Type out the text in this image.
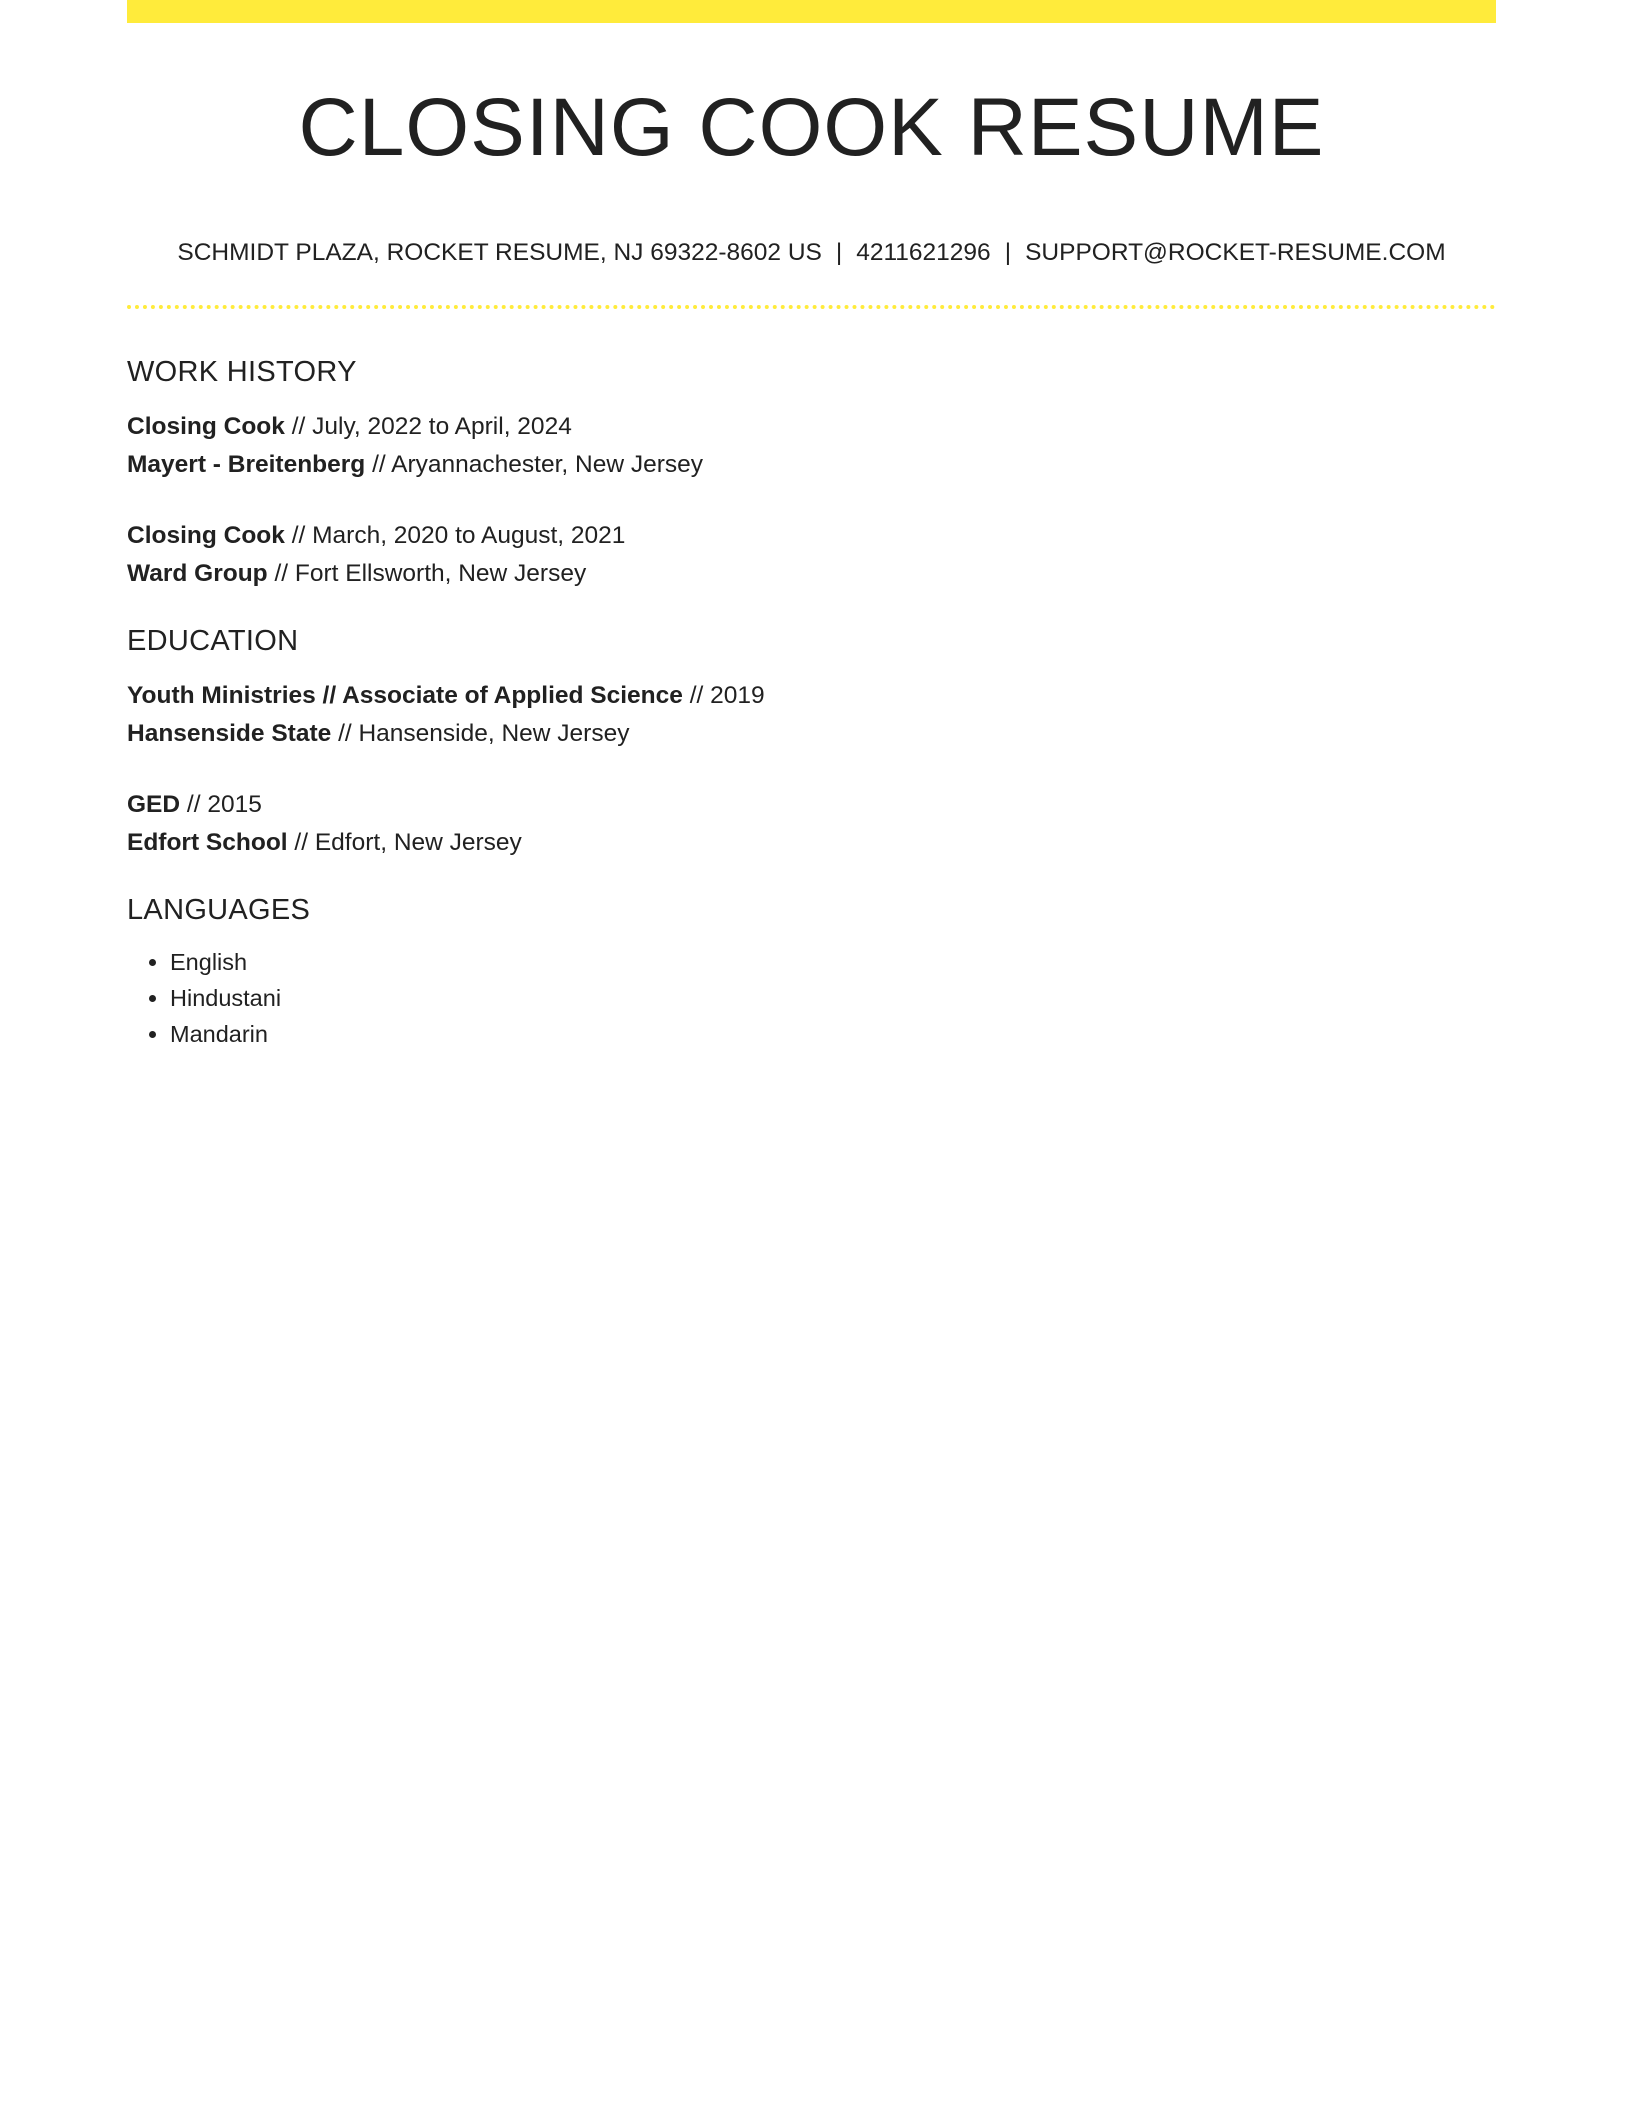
CLOSING COOK RESUME
SCHMIDT PLAZA, ROCKET RESUME, NJ 69322-8602 US | 4211621296 | SUPPORT@ROCKET-RESUME.COM
WORK HISTORY
Closing Cook // July, 2022 to April, 2024
Mayert - Breitenberg // Aryannachester, New Jersey
Closing Cook // March, 2020 to August, 2021
Ward Group // Fort Ellsworth, New Jersey
EDUCATION
Youth Ministries // Associate of Applied Science // 2019
Hansenside State // Hansenside, New Jersey
GED // 2015
Edfort School // Edfort, New Jersey
LANGUAGES
• English
• Hindustani
• Mandarin
